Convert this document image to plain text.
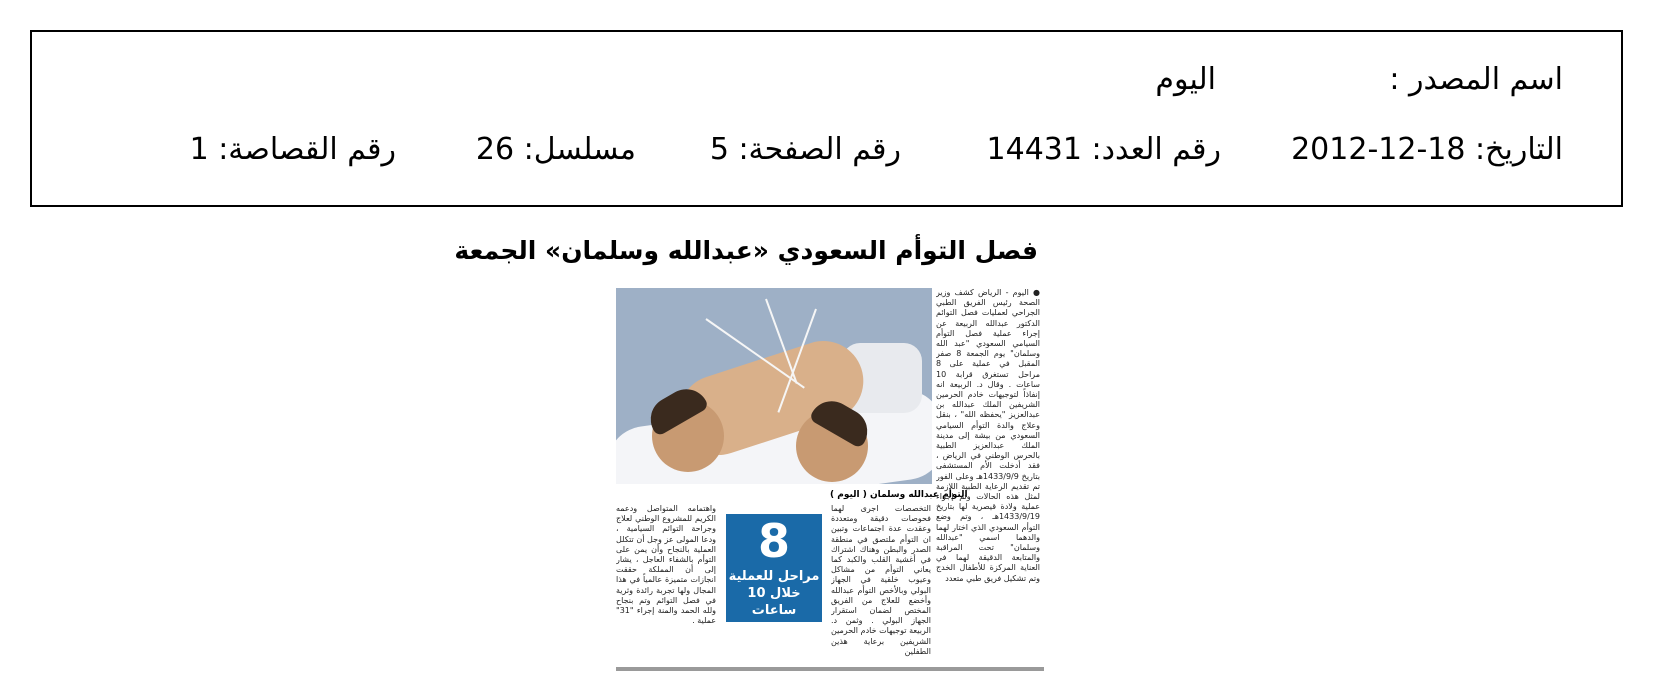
اسم المصدر :
اليوم
التاريخ: 18-12-2012
رقم العدد: 14431
رقم الصفحة: 5
مسلسل: 26
رقم القصاصة: 1
فصل التوأم السعودي «عبدالله وسلمان» الجمعة
التوأم عبدالله وسلمان ( اليوم )
● اليوم - الرياض كشف وزير الصحة رئيس الفريق الطبي الجراحي لعمليات فصل التوائم الدكتور عبدالله الربيعة عن إجراء عملية فصل التوأم السيامي السعودي "عبد الله وسلمان" يوم الجمعة 8 صفر المقبل في عملية على 8 مراحل تستغرق قرابة 10 ساعات . وقال د. الربيعة انه إنفاذاً لتوجيهات خادم الحرمين الشريفين الملك عبدالله بن عبدالعزيز "يحفظه الله" ، بنقل وعلاج والدة التوأم السيامي السعودي من بيشة إلى مدينة الملك عبدالعزيز الطبية بالحرس الوطني في الرياض ، فقد أدخلت الأم المستشفى بتاريخ 1433/9/9هـ وعلى الفور تم تقديم الرعاية الطبية اللازمة لمثل هذه الحالات وتم إجراء عملية ولادة قيصرية لها بتاريخ 1433/9/19هـ ، وتم وضع التوأم السعودي الذي اختار لهما والدهما اسمي "عبدالله وسلمان" تحت المراقبة والمتابعة الدقيقة لهما في العناية المركزة للأطفال الخدج وتم تشكيل فريق طبي متعدد
التخصصات اجرى لهما فحوصات دقيقة ومتعددة وعقدت عدة اجتماعات وتبين ان التوأم ملتصق في منطقة الصدر والبطن وهناك اشتراك في أغشية القلب والكبد كما يعاني التوأم من مشاكل وعيوب خلقية في الجهاز البولي وبالأخص التوأم عبدالله وأخضع للعلاج من الفريق المختص لضمان استقرار الجهاز البولي . وثمن د. الربيعة توجيهات خادم الحرمين الشريفين برعاية هذين الطفلين
واهتمامه المتواصل ودعمه الكريم للمشروع الوطني لعلاج وجراحة التوائم السيامية ، ودعا المولى عز وجل أن تتكلل العملية بالنجاح وأن يمن على التوأم بالشفاء العاجل ، يشار إلى أن المملكة حققت انجازات متميزة عالمياً في هذا المجال ولها تجربة رائدة وثرية في فصل التوائم وتم بنجاح ولله الحمد والمنة إجراء "31" عملية .
8
مراحل للعملية
خلال 10 ساعات
